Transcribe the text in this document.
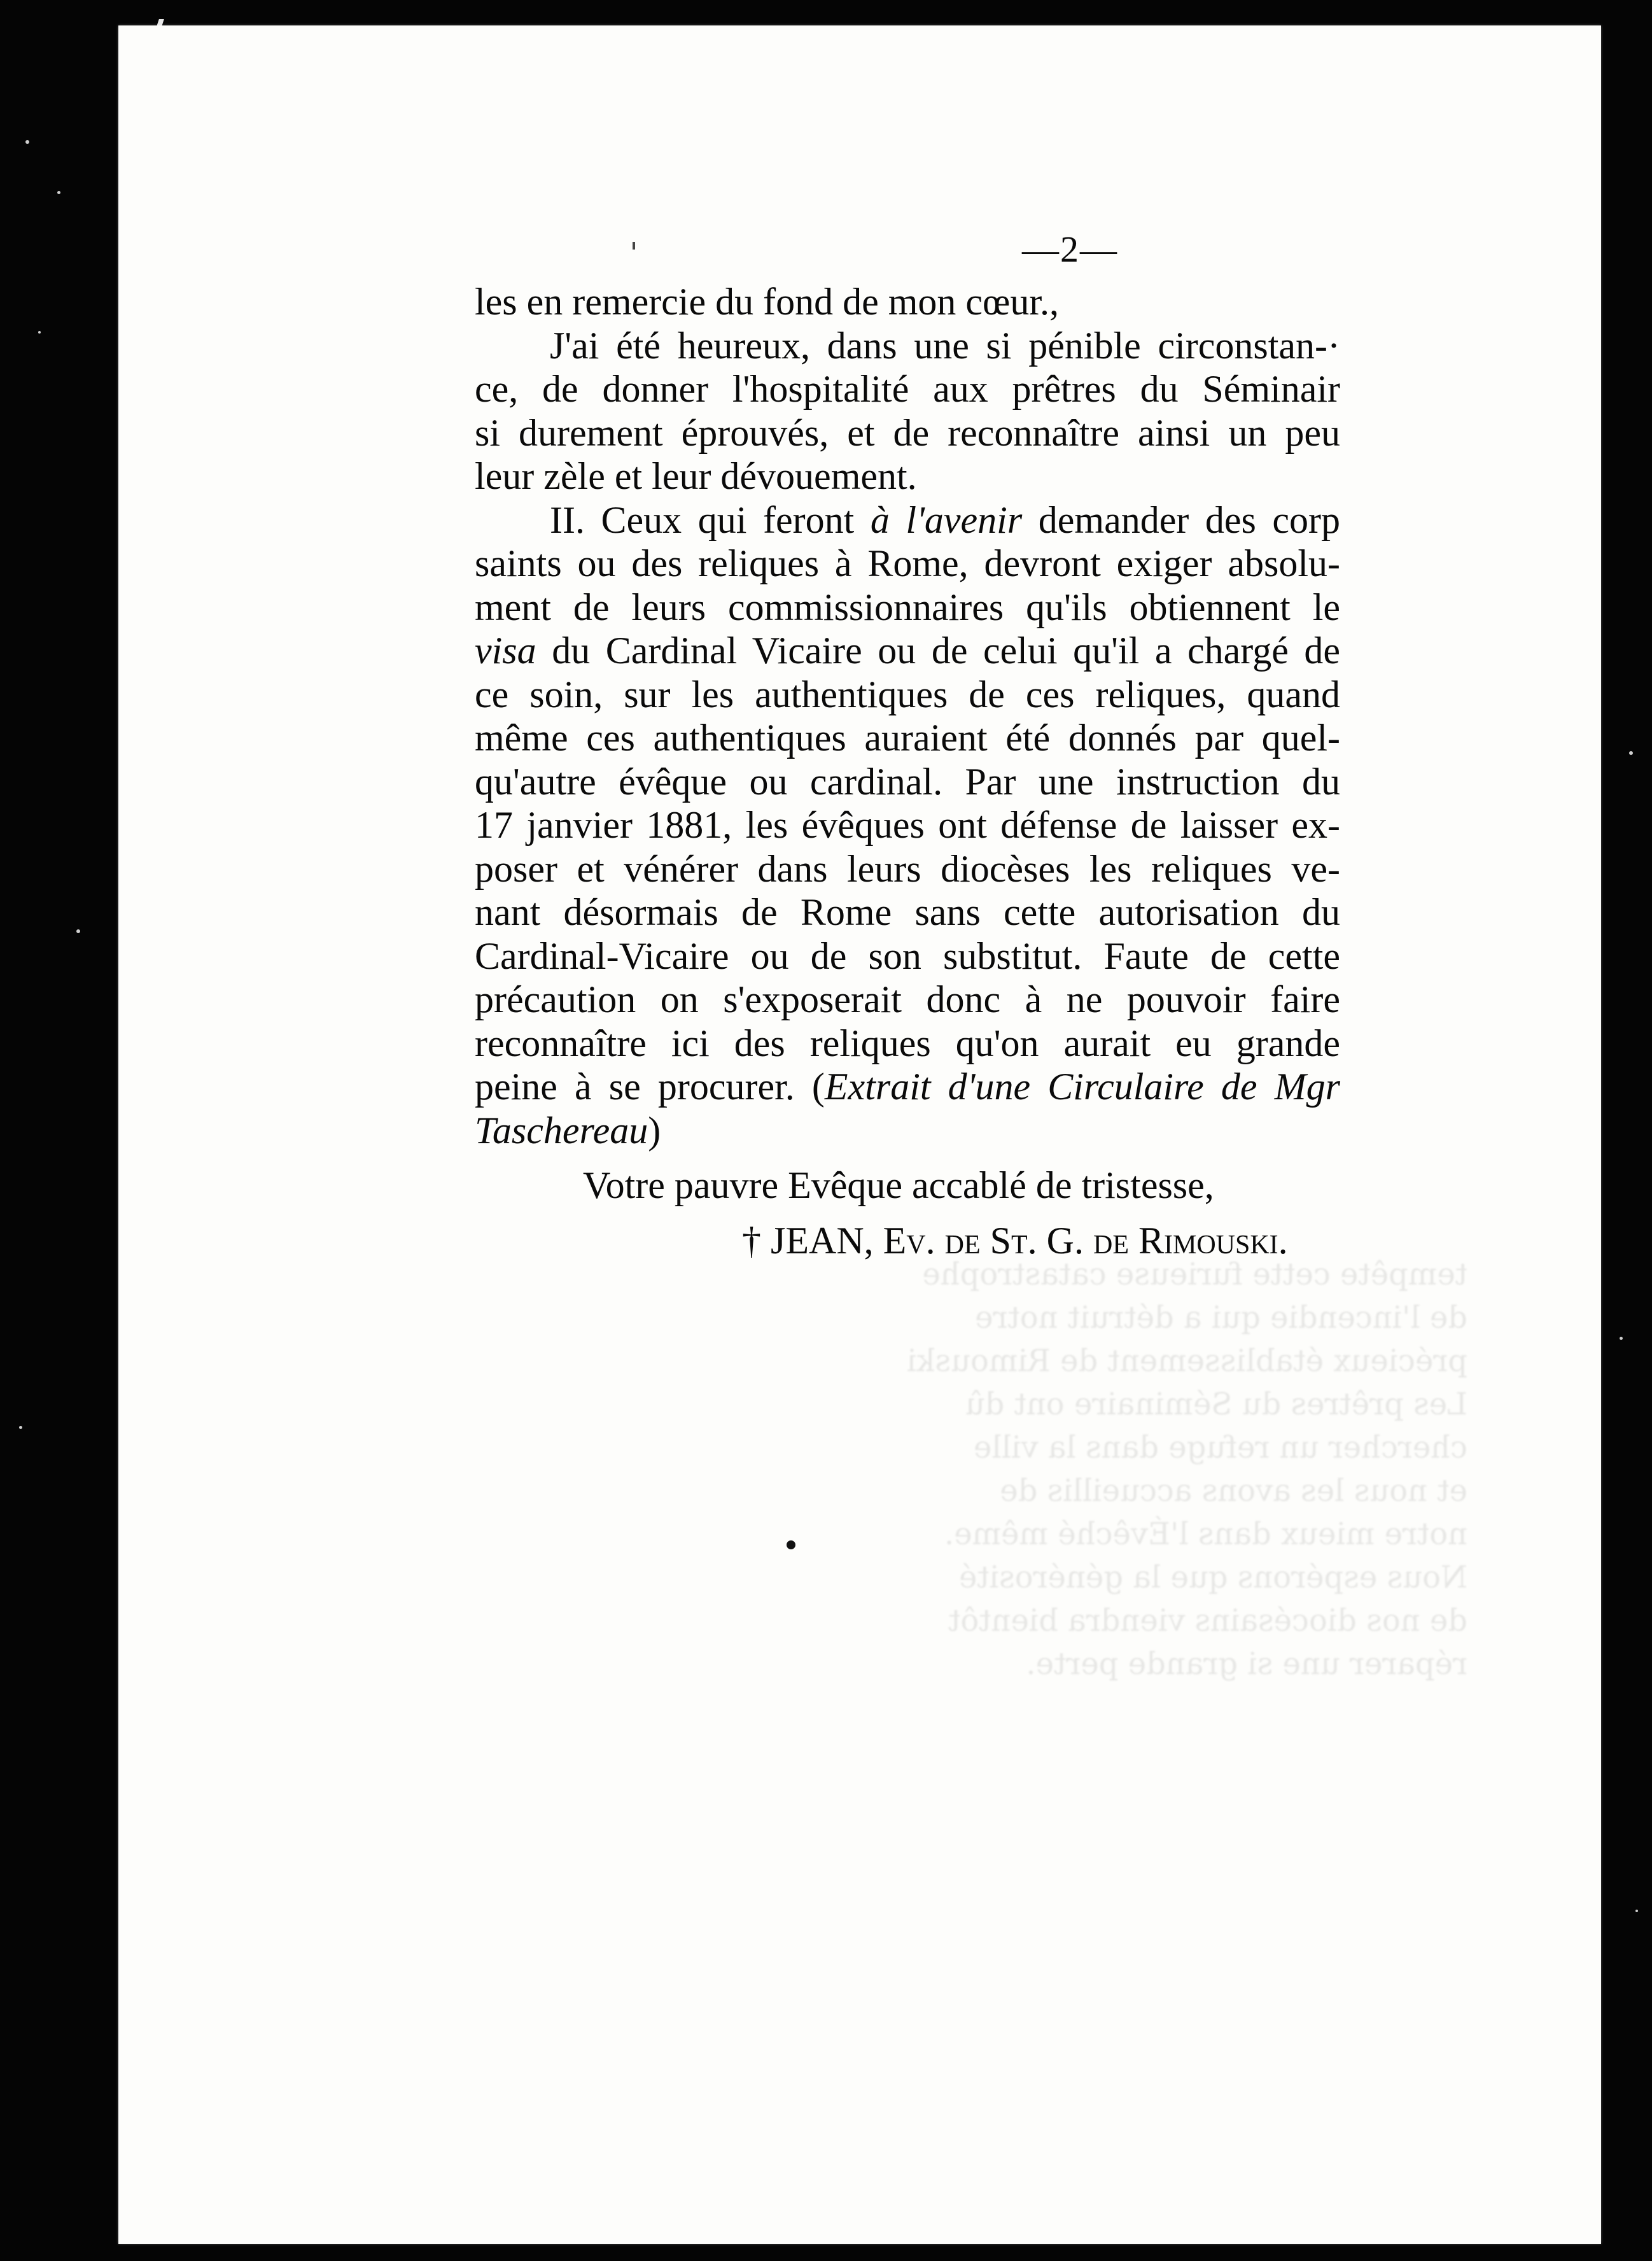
tempête cette furieuse catastrophe
de l'incendie qui a détruit notre
précieux établissement de Rimouski
Les prêtres du Séminaire ont dû
chercher un refuge dans la ville
et nous les avons accueillis de
notre mieux dans l'Évêché même.
Nous espérons que la générosité
de nos diocésains viendra bientôt
réparer une si grande perte.

—2—
les en remercie du fond de mon cœur.,
J'ai été heureux, dans une si pénible circonstan-·
ce, de donner l'hospitalité aux prêtres du Séminair
si durement éprouvés, et de reconnaître ainsi un peu
leur zèle et leur dévouement.
II. Ceux qui feront à l'avenir demander des corp
saints ou des reliques à Rome, devront exiger absolu-
ment de leurs commissionnaires qu'ils obtiennent le
visa du Cardinal Vicaire ou de celui qu'il a chargé de
ce soin, sur les authentiques de ces reliques, quand
même ces authentiques auraient été donnés par quel-
qu'autre évêque ou cardinal. Par une instruction du
17 janvier 1881, les évêques ont défense de laisser ex-
poser et vénérer dans leurs diocèses les reliques ve-
nant désormais de Rome sans cette autorisation du
Cardinal-Vicaire ou de son substitut. Faute de cette
précaution on s'exposerait donc à ne pouvoir faire
reconnaître ici des reliques qu'on aurait eu grande
peine à se procurer. (Extrait d'une Circulaire de Mgr
Taschereau)
Votre pauvre Evêque accablé de tristesse,
† JEAN, Ev. de St. G. de Rimouski.
